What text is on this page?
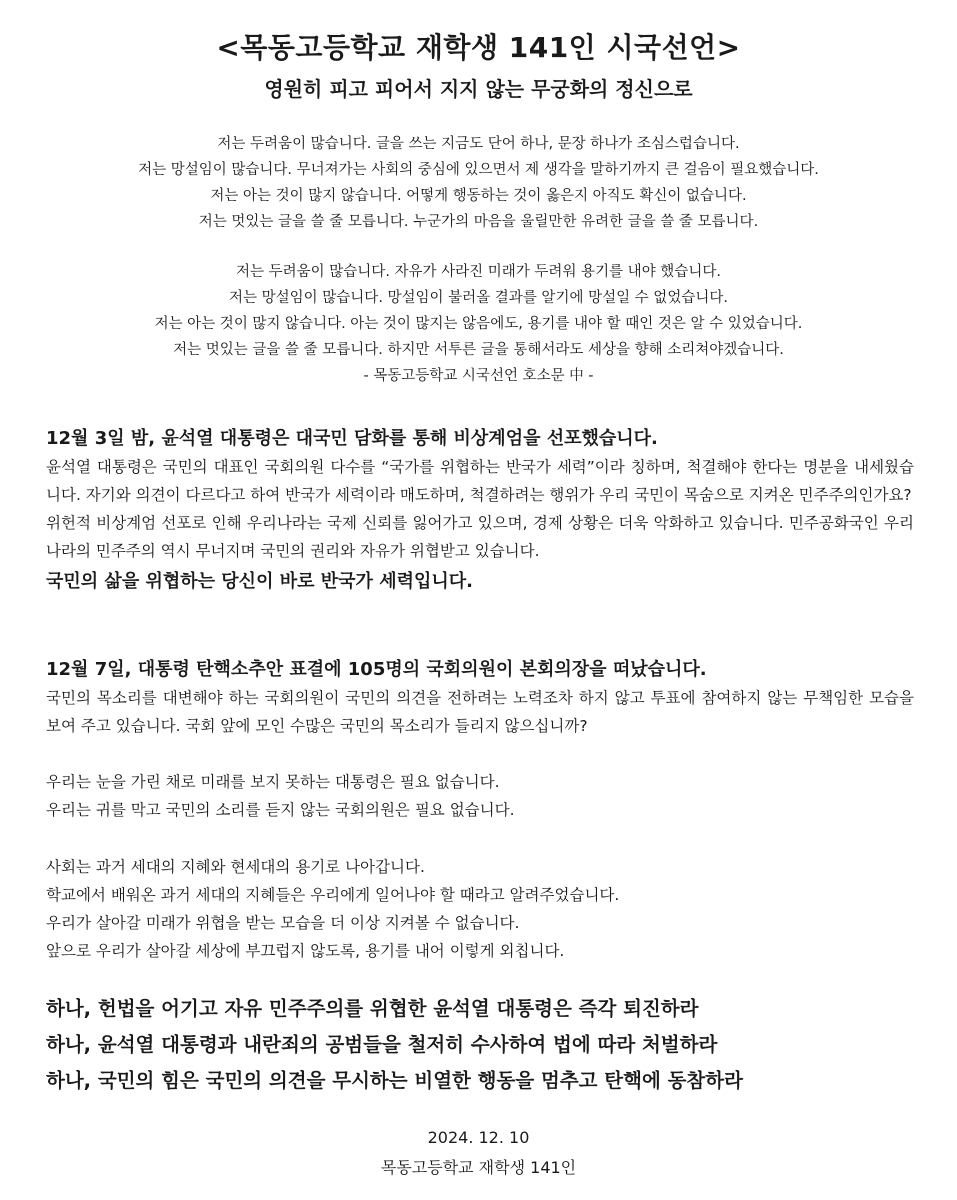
<목동고등학교 재학생 141인 시국선언>
영원히 피고 피어서 지지 않는 무궁화의 정신으로
저는 두려움이 많습니다. 글을 쓰는 지금도 단어 하나, 문장 하나가 조심스럽습니다.
저는 망설임이 많습니다. 무너져가는 사회의 중심에 있으면서 제 생각을 말하기까지 큰 걸음이 필요했습니다.
저는 아는 것이 많지 않습니다. 어떻게 행동하는 것이 옳은지 아직도 확신이 없습니다.
저는 멋있는 글을 쓸 줄 모릅니다. 누군가의 마음을 울릴만한 유려한 글을 쓸 줄 모릅니다.
저는 두려움이 많습니다. 자유가 사라진 미래가 두려워 용기를 내야 했습니다.
저는 망설임이 많습니다. 망설임이 불러올 결과를 알기에 망설일 수 없었습니다.
저는 아는 것이 많지 않습니다. 아는 것이 많지는 않음에도, 용기를 내야 할 때인 것은 알 수 있었습니다.
저는 멋있는 글을 쓸 줄 모릅니다. 하지만 서투른 글을 통해서라도 세상을 향해 소리쳐야겠습니다.
- 목동고등학교 시국선언 호소문 中 -
12월 3일 밤, 윤석열 대통령은 대국민 담화를 통해 비상계엄을 선포했습니다.

윤석열 대통령은 국민의 대표인 국회의원 다수를 “국가를 위협하는 반국가 세력”이라 칭하며, 척결해야 한다는 명분을 내세웠습니다. 자기와 의견이 다르다고 하여 반국가 세력이라 매도하며, 척결하려는 행위가 우리 국민이 목숨으로 지켜온 민주주의인가요?

위헌적 비상계엄 선포로 인해 우리나라는 국제 신뢰를 잃어가고 있으며, 경제 상황은 더욱 악화하고 있습니다. 민주공화국인 우리나라의 민주주의 역시 무너지며 국민의 권리와 자유가 위협받고 있습니다.

국민의 삶을 위협하는 당신이 바로 반국가 세력입니다.
12월 7일, 대통령 탄핵소추안 표결에 105명의 국회의원이 본회의장을 떠났습니다.

국민의 목소리를 대변해야 하는 국회의원이 국민의 의견을 전하려는 노력조차 하지 않고 투표에 참여하지 않는 무책임한 모습을 보여 주고 있습니다. 국회 앞에 모인 수많은 국민의 목소리가 들리지 않으십니까?

우리는 눈을 가린 채로 미래를 보지 못하는 대통령은 필요 없습니다.
우리는 귀를 막고 국민의 소리를 듣지 않는 국회의원은 필요 없습니다.
사회는 과거 세대의 지혜와 현세대의 용기로 나아갑니다.
학교에서 배워온 과거 세대의 지혜들은 우리에게 일어나야 할 때라고 알려주었습니다.
우리가 살아갈 미래가 위협을 받는 모습을 더 이상 지켜볼 수 없습니다.
앞으로 우리가 살아갈 세상에 부끄럽지 않도록, 용기를 내어 이렇게 외칩니다.
하나, 헌법을 어기고 자유 민주주의를 위협한 윤석열 대통령은 즉각 퇴진하라
하나, 윤석열 대통령과 내란죄의 공범들을 철저히 수사하여 법에 따라 처벌하라
하나, 국민의 힘은 국민의 의견을 무시하는 비열한 행동을 멈추고 탄핵에 동참하라
2024. 12. 10
목동고등학교 재학생 141인
